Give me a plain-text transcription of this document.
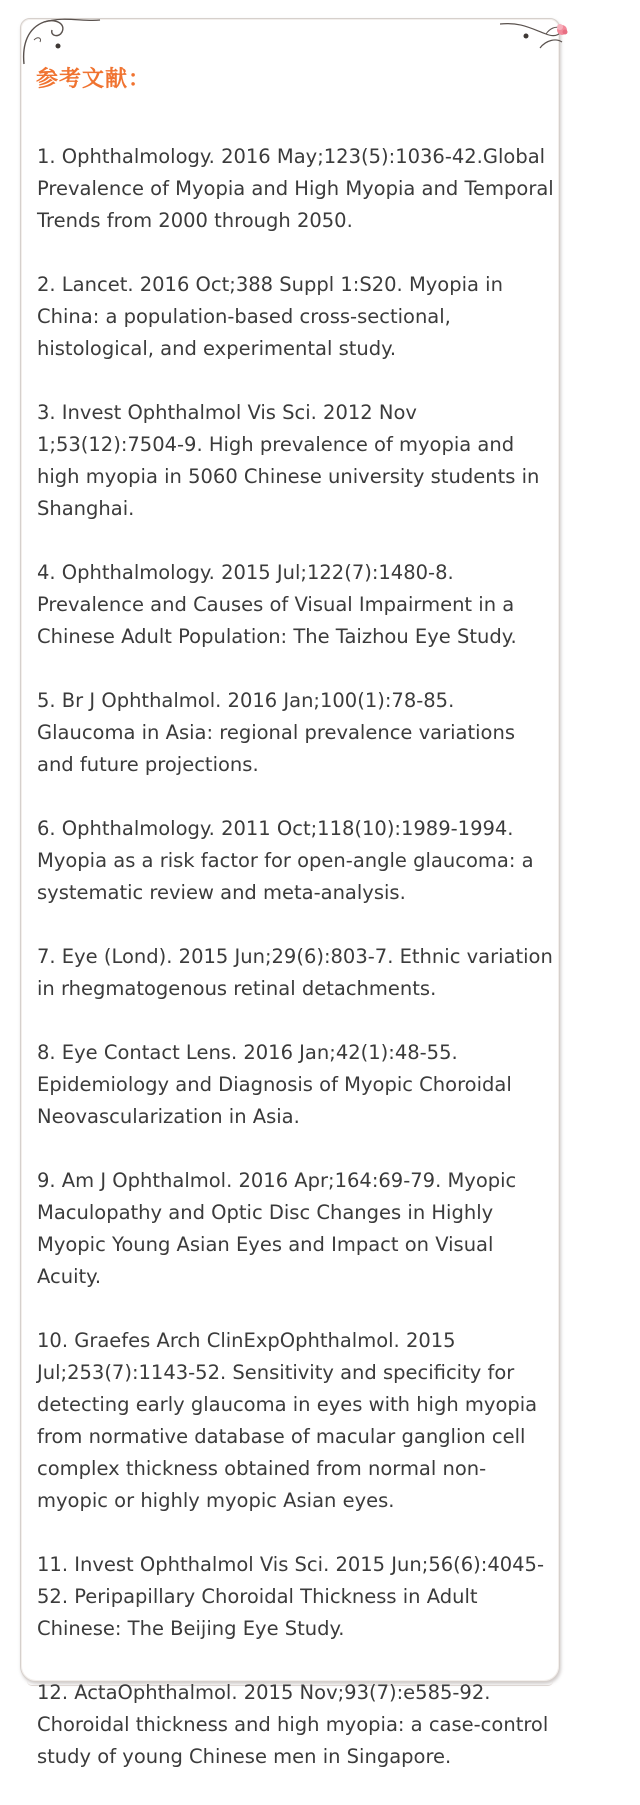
参考文献：
1. Ophthalmology. 2016 May;123(5):1036-42.Global Prevalence of Myopia and High Myopia and Temporal Trends from 2000 through 2050.
2. Lancet. 2016 Oct;388 Suppl 1:S20. Myopia in China: a population-based cross-sectional, histological, and experimental study.
3. Invest Ophthalmol Vis Sci. 2012 Nov 1;53(12):7504-9. High prevalence of myopia and high myopia in 5060 Chinese university students in Shanghai.
4. Ophthalmology. 2015 Jul;122(7):1480-8. Prevalence and Causes of Visual Impairment in a Chinese Adult Population: The Taizhou Eye Study.
5. Br J Ophthalmol. 2016 Jan;100(1):78-85. Glaucoma in Asia: regional prevalence variations and future projections.
6. Ophthalmology. 2011 Oct;118(10):1989-1994. Myopia as a risk factor for open-angle glaucoma: a systematic review and meta-analysis.
7. Eye (Lond). 2015 Jun;29(6):803-7. Ethnic variation in rhegmatogenous retinal detachments.
8. Eye Contact Lens. 2016 Jan;42(1):48-55. Epidemiology and Diagnosis of Myopic Choroidal Neovascularization in Asia.
9. Am J Ophthalmol. 2016 Apr;164:69-79. Myopic Maculopathy and Optic Disc Changes in Highly Myopic Young Asian Eyes and Impact on Visual Acuity.
10. Graefes Arch ClinExpOphthalmol. 2015 Jul;253(7):1143-52. Sensitivity and specificity for detecting early glaucoma in eyes with high myopia from normative database of macular ganglion cell complex thickness obtained from normal non-myopic or highly myopic Asian eyes.
11. Invest Ophthalmol Vis Sci. 2015 Jun;56(6):4045-52. Peripapillary Choroidal Thickness in Adult Chinese: The Beijing Eye Study.
12. ActaOphthalmol. 2015 Nov;93(7):e585-92. Choroidal thickness and high myopia: a case-control study of young Chinese men in Singapore.
